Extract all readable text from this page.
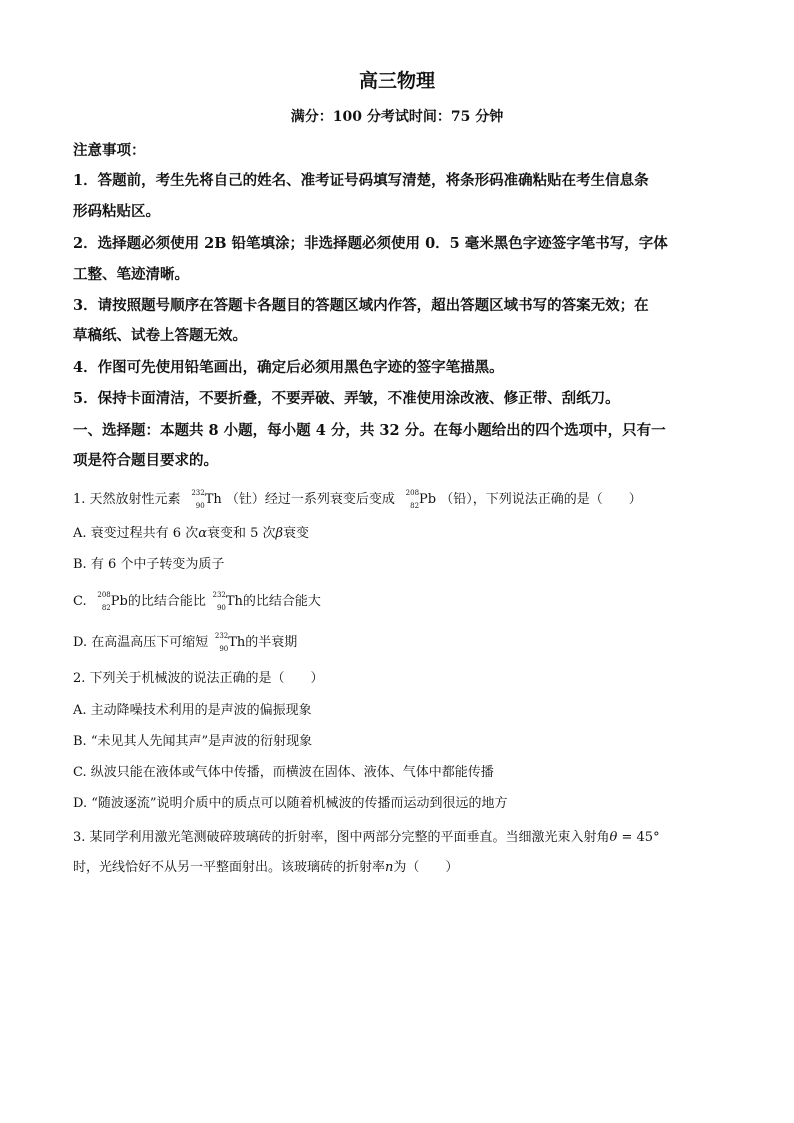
高三物理
满分：100 分考试时间：75 分钟
注意事项：
1．答题前，考生先将自己的姓名、准考证号码填写清楚，将条形码准确粘贴在考生信息条
形码粘贴区。
2．选择题必须使用 2B 铅笔填涂；非选择题必须使用 0．5 毫米黑色字迹签字笔书写，字体
工整、笔迹清晰。
3．请按照题号顺序在答题卡各题目的答题区域内作答，超出答题区域书写的答案无效；在
草稿纸、试卷上答题无效。
4．作图可先使用铅笔画出，确定后必须用黑色字迹的签字笔描黑。
5．保持卡面清洁，不要折叠，不要弄破、弄皱，不准使用涂改液、修正带、刮纸刀。
一、选择题：本题共 8 小题，每小题 4 分，共 32 分。在每小题给出的四个选项中，只有一
项是符合题目要求的。
1. 天然放射性元素 232
90 Th （钍）经过一系列衰变后变成 208
82 Pb （铅），下列说法正确的是（　　）
A. 衰变过程共有 6 次α衰变和 5 次β衰变
B. 有 6 个中子转变为质子
C. 208
82 Pb的比结合能比 232
90 Th的比结合能大
D. 在高温高压下可缩短 232
90 Th的半衰期
2. 下列关于机械波的说法正确的是（　　）
A. 主动降噪技术利用的是声波的偏振现象
B. “未见其人先闻其声”是声波的衍射现象
C. 纵波只能在液体或气体中传播，而横波在固体、液体、气体中都能传播
D. “随波逐流”说明介质中的质点可以随着机械波的传播而运动到很远的地方
3. 某同学利用激光笔测破碎玻璃砖的折射率，图中两部分完整的平面垂直。当细激光束入射角θ = 45°
时，光线恰好不从另一平整面射出。该玻璃砖的折射率n为（　　）
